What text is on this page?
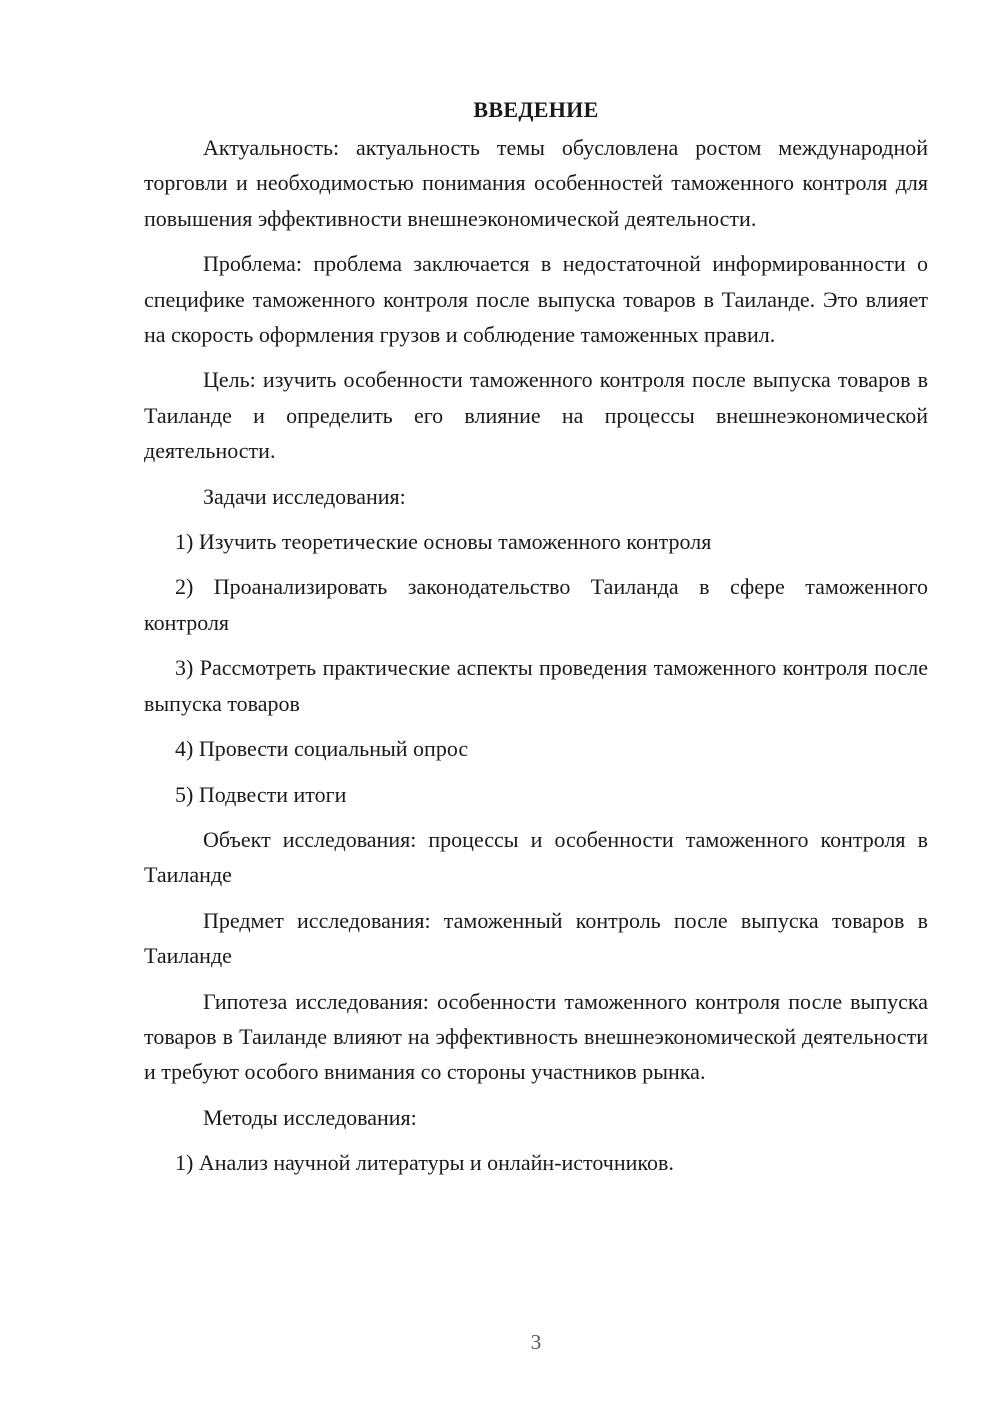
ВВЕДЕНИЕ

Актуальность: актуальность темы обусловлена ростом международной торговли и необходимостью понимания особенностей таможенного контроля для повышения эффективности внешнеэкономической деятельности.

Проблема: проблема заключается в недостаточной информированности о специфике таможенного контроля после выпуска товаров в Таиланде. Это влияет на скорость оформления грузов и соблюдение таможенных правил.

Цель: изучить особенности таможенного контроля после выпуска товаров в Таиланде и определить его влияние на процессы внешнеэкономической деятельности.

Задачи исследования:

1) Изучить теоретические основы таможенного контроля

2) Проанализировать законодательство Таиланда в сфере таможенного контроля

3) Рассмотреть практические аспекты проведения таможенного контроля после выпуска товаров

4) Провести социальный опрос

5) Подвести итоги

Объект исследования: процессы и особенности таможенного контроля в Таиланде

Предмет исследования: таможенный контроль после выпуска товаров в Таиланде

Гипотеза исследования: особенности таможенного контроля после выпуска товаров в Таиланде влияют на эффективность внешнеэкономической деятельности и требуют особого внимания со стороны участников рынка.

Методы исследования:

1) Анализ научной литературы и онлайн-источников.

3
